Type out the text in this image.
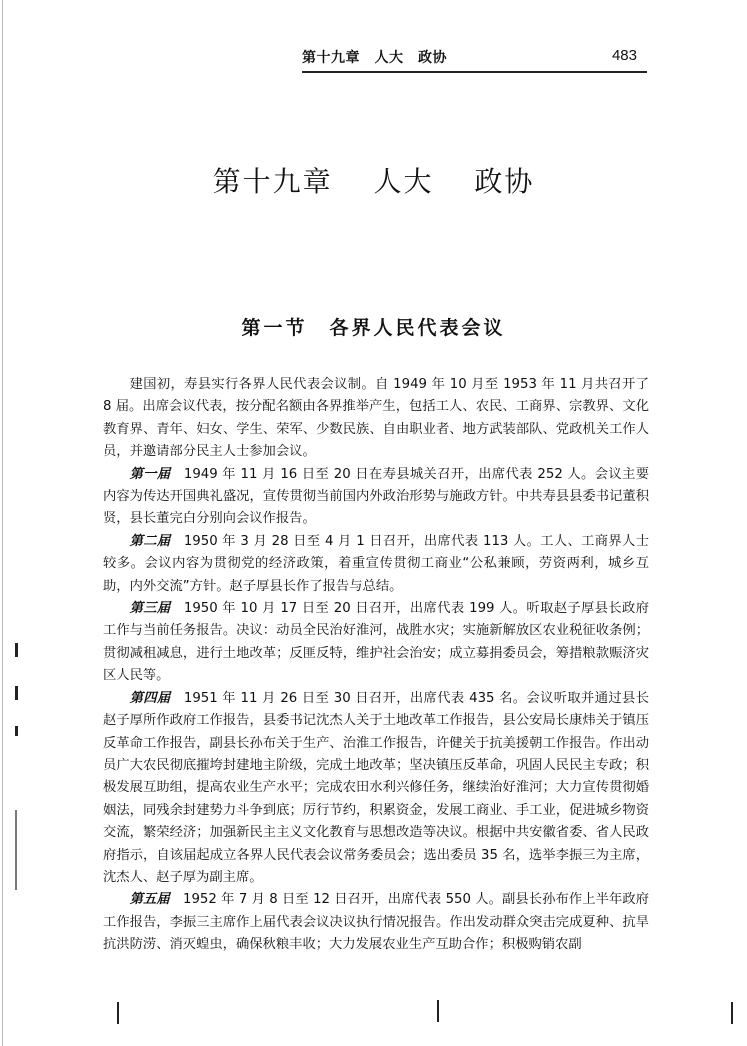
第十九章　人大　政协	483
第十九章　 人大　 政协
第一节　各界人民代表会议

建国初，寿县实行各界人民代表会议制。自 1949 年 10 月至 1953 年 11 月共召开了 8 届。出席会议代表，按分配名额由各界推举产生，包括工人、农民、工商界、宗教界、文化教育界、青年、妇女、学生、荣军、少数民族、自由职业者、地方武装部队、党政机关工作人员，并邀请部分民主人士参加会议。

第一届 1949 年 11 月 16 日至 20 日在寿县城关召开，出席代表 252 人。会议主要内容为传达开国典礼盛况，宣传贯彻当前国内外政治形势与施政方针。中共寿县县委书记董积贤，县长董完白分别向会议作报告。

第二届 1950 年 3 月 28 日至 4 月 1 日召开，出席代表 113 人。工人、工商界人士较多。会议内容为贯彻党的经济政策，着重宣传贯彻工商业“公私兼顾，劳资两利，城乡互助，内外交流”方针。赵子厚县长作了报告与总结。

第三届 1950 年 10 月 17 日至 20 日召开，出席代表 199 人。听取赵子厚县长政府工作与当前任务报告。决议：动员全民治好淮河，战胜水灾；实施新解放区农业税征收条例；贯彻减租减息，进行土地改革；反匪反特，维护社会治安；成立募捐委员会，筹措粮款赈济灾区人民等。

第四届 1951 年 11 月 26 日至 30 日召开，出席代表 435 名。会议听取并通过县长赵子厚所作政府工作报告，县委书记沈杰人关于土地改革工作报告，县公安局长康炜关于镇压反革命工作报告，副县长孙布关于生产、治淮工作报告，许健关于抗美援朝工作报告。作出动员广大农民彻底摧垮封建地主阶级，完成土地改革；坚决镇压反革命，巩固人民民主专政；积极发展互助组，提高农业生产水平；完成农田水利兴修任务，继续治好淮河；大力宣传贯彻婚姻法，同残余封建势力斗争到底；厉行节约，积累资金，发展工商业、手工业，促进城乡物资交流，繁荣经济；加强新民主主义文化教育与思想改造等决议。根据中共安徽省委、省人民政府指示，自该届起成立各界人民代表会议常务委员会；选出委员 35 名，选举李振三为主席，沈杰人、赵子厚为副主席。

第五届 1952 年 7 月 8 日至 12 日召开，出席代表 550 人。副县长孙布作上半年政府工作报告，李振三主席作上届代表会议决议执行情况报告。作出发动群众突击完成夏种、抗旱抗洪防涝、消灭蝗虫，确保秋粮丰收；大力发展农业生产互助合作；积极购销农副
